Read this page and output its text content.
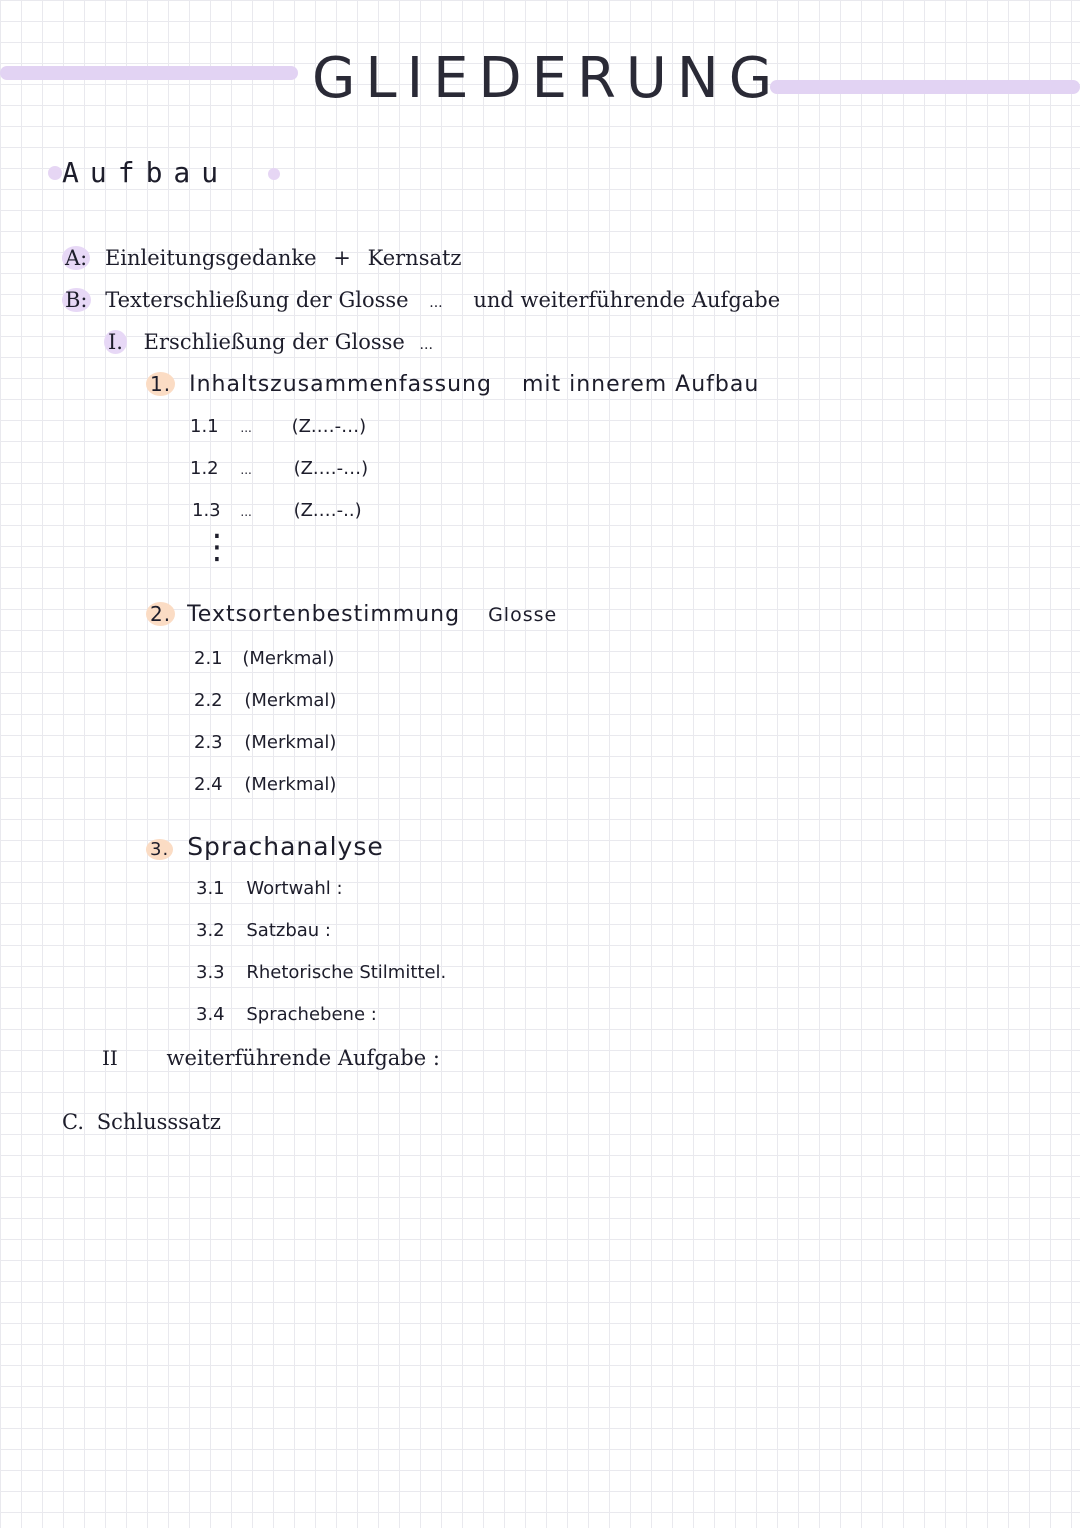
GLIEDERUNG
Aufbau
A: Einleitungsgedanke + Kernsatz
B: Texterschließung der Glosse ... und weiterführende Aufgabe
I. Erschließung der Glosse ...
1. Inhaltszusammenfassung mit innerem Aufbau
1.1 ... (Z.…-…)
1.2 ... (Z.…-…)
1.3 ... (Z.…-..)
⋮
2. Textsortenbestimmung Glosse
2.1 (Merkmal)
2.2 (Merkmal)
2.3 (Merkmal)
2.4 (Merkmal)
3. Sprachanalyse
3.1 Wortwahl :
3.2 Satzbau :
3.3 Rhetorische Stilmittel.
3.4 Sprachebene :
II weiterführende Aufgabe :
C. Schlusssatz
